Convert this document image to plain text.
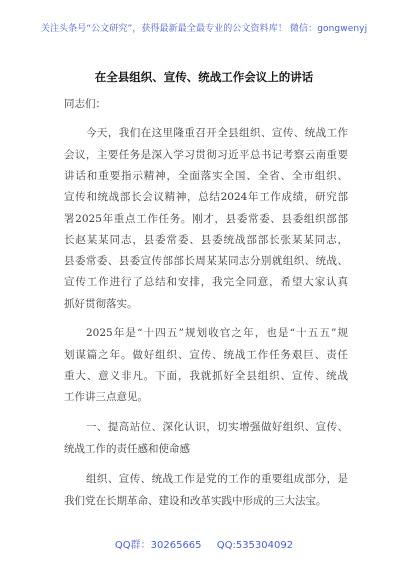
关注头条号“公文研究”，获得最新最全最专业的公文资料库！ 微信：gongwenyj
在全县组织、宣传、统战工作会议上的讲话
同志们：
今天，我们在这里隆重召开全县组织、宣传、统战工作
会议，主要任务是深入学习贯彻习近平总书记考察云南重要
讲话和重要指示精神，全面落实全国、全省、全市组织、
宣传和统战部长会议精神，总结2024年工作成绩，研究部
署2025年重点工作任务。刚才，县委常委、县委组织部部
长赵某某同志，县委常委、县委统战部部长张某某同志，
县委常委、县委宣传部部长周某某同志分别就组织、统战、
宣传工作进行了总结和安排，我完全同意，希望大家认真
抓好贯彻落实。
2025年是“十四五”规划收官之年，也是“十五五”规
划谋篇之年。做好组织、宣传、统战工作任务艰巨、责任
重大、意义非凡。下面，我就抓好全县组织、宣传、统战
工作讲三点意见。
一、提高站位、深化认识，切实增强做好组织、宣传、
统战工作的责任感和使命感
组织、宣传、统战工作是党的工作的重要组成部分，是
我们党在长期革命、建设和改革实践中形成的三大法宝。
QQ群：30265665 QQ:535304092
